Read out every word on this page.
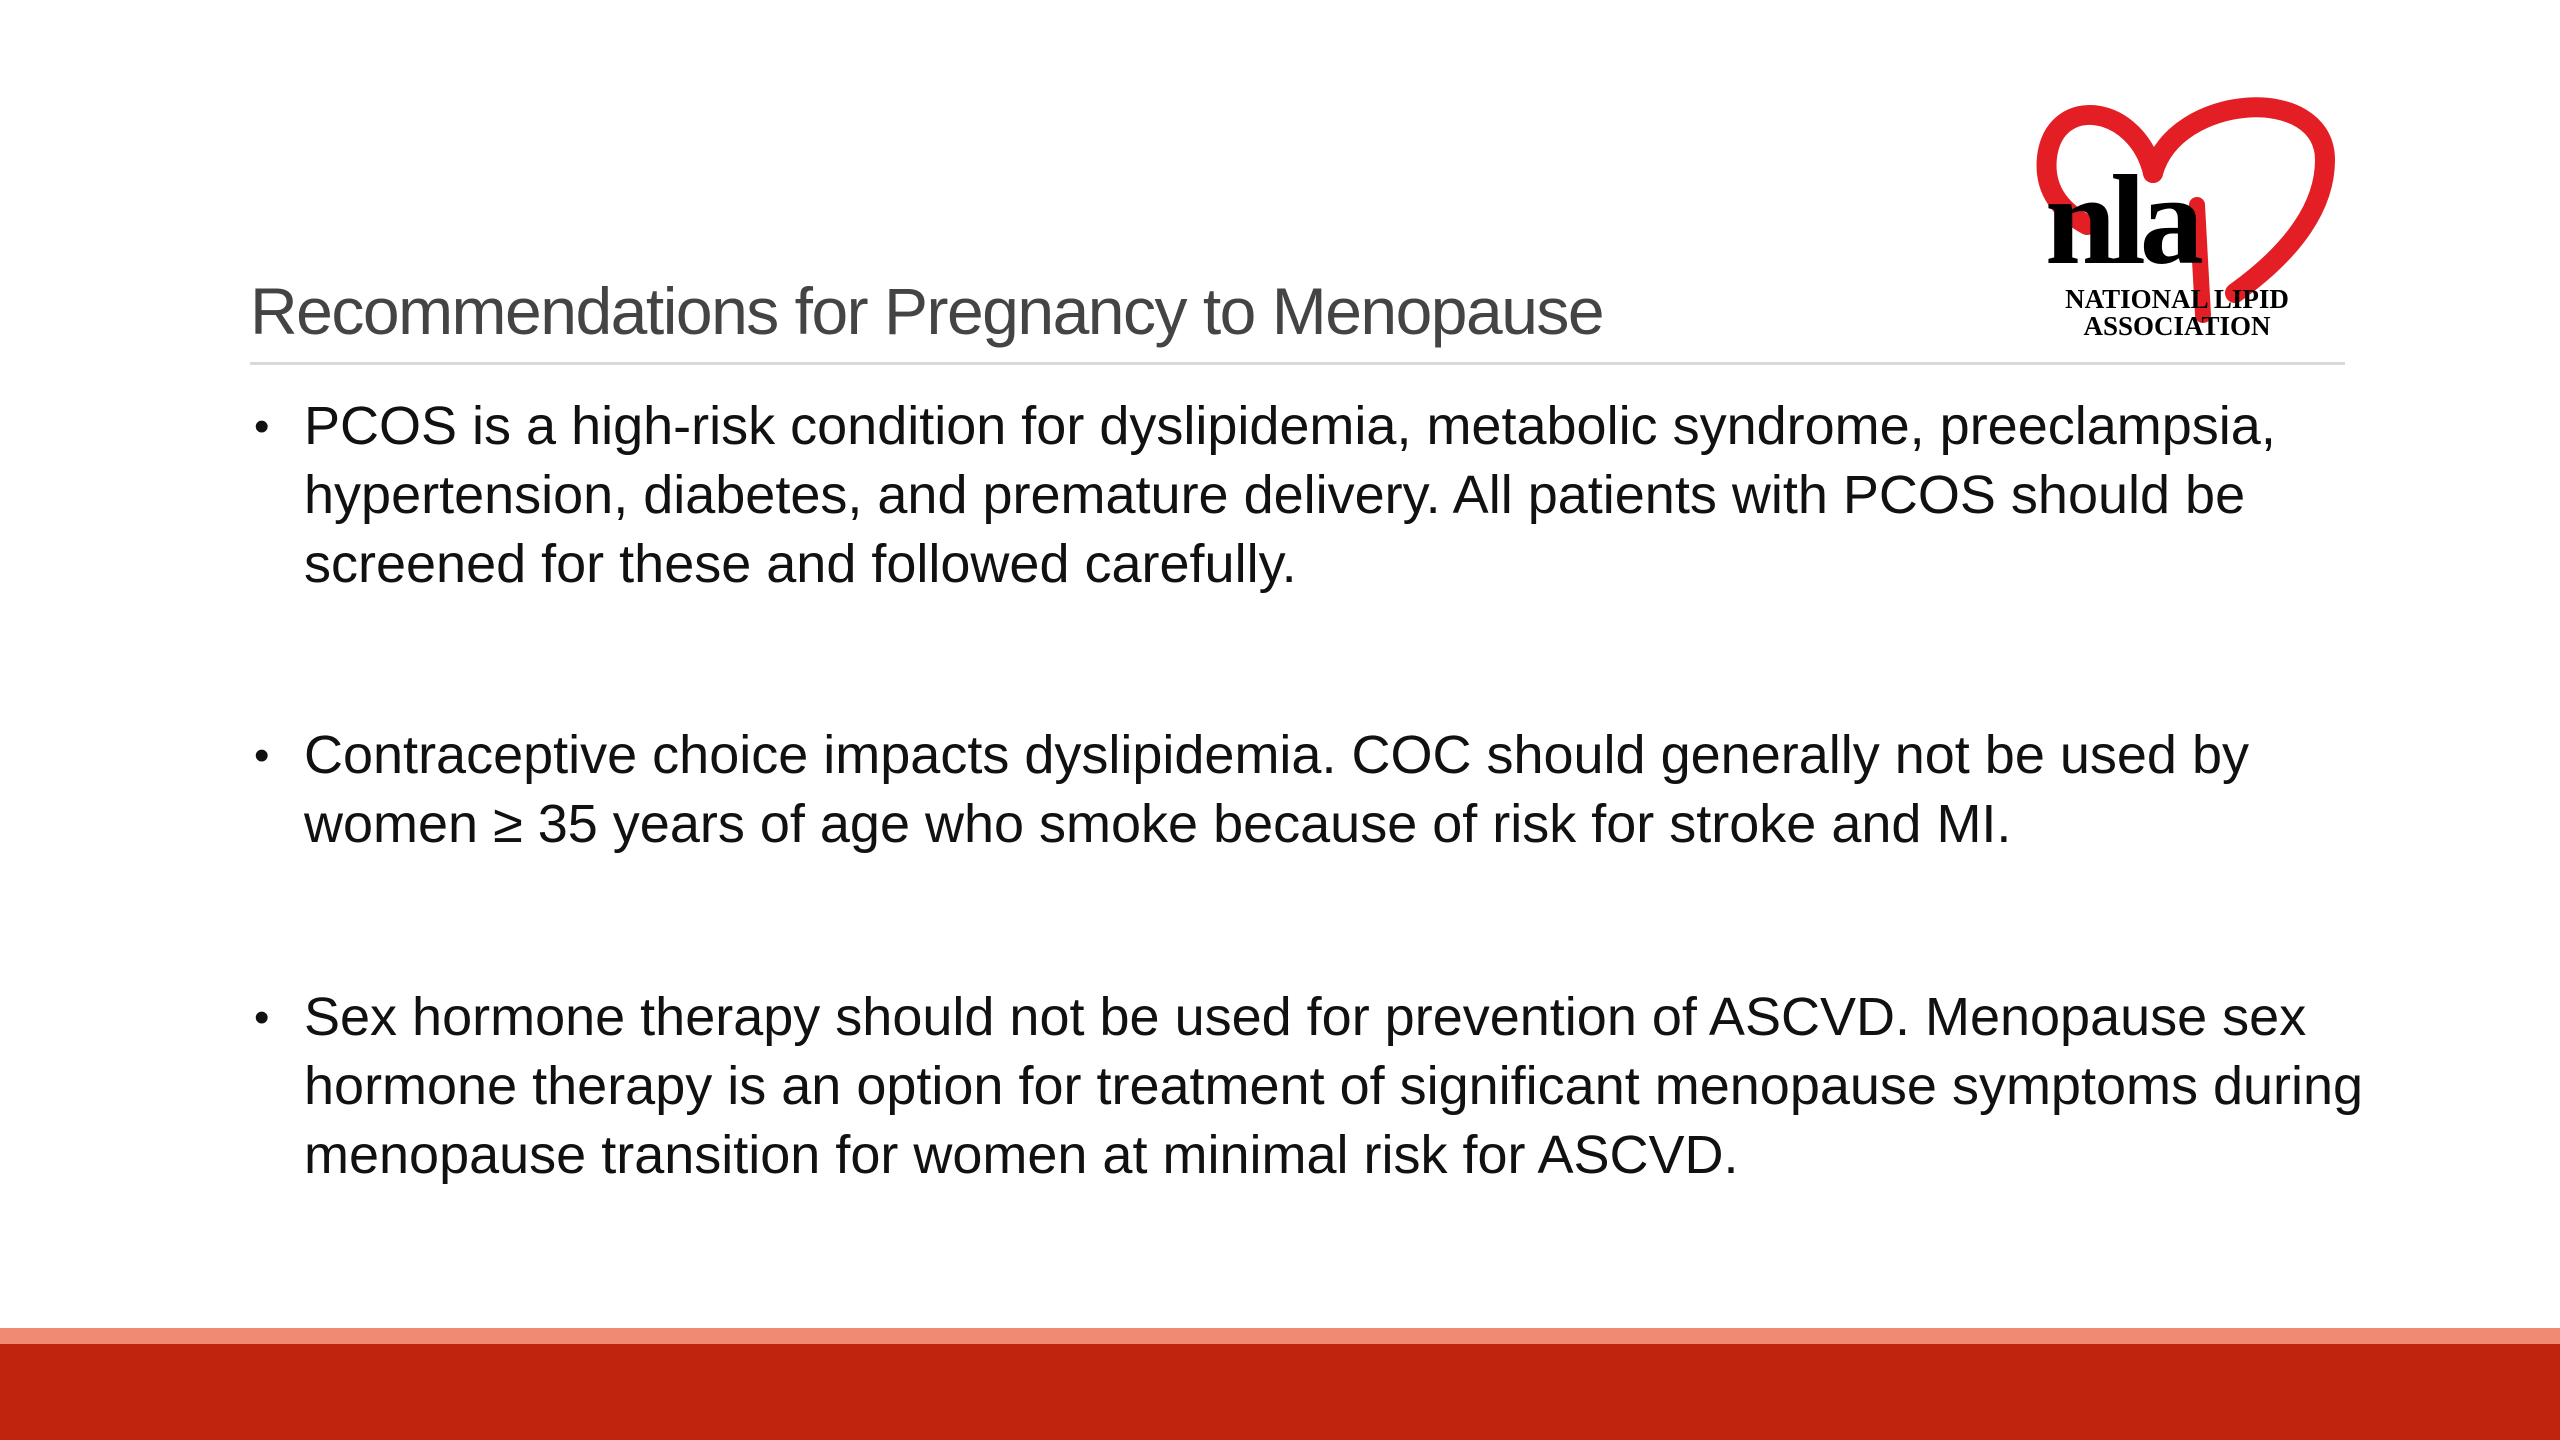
nla
NATIONAL LIPID
ASSOCIATION
Recommendations for Pregnancy to Menopause
• PCOS is a high-risk condition for dyslipidemia, metabolic syndrome, preeclampsia, hypertension, diabetes, and premature delivery. All patients with PCOS should be screened for these and followed carefully.
• Contraceptive choice impacts dyslipidemia. COC should generally not be used by women ≥ 35 years of age who smoke because of risk for stroke and MI.
• Sex hormone therapy should not be used for prevention of ASCVD. Menopause sex hormone therapy is an option for treatment of significant menopause symptoms during menopause transition for women at minimal risk for ASCVD.
